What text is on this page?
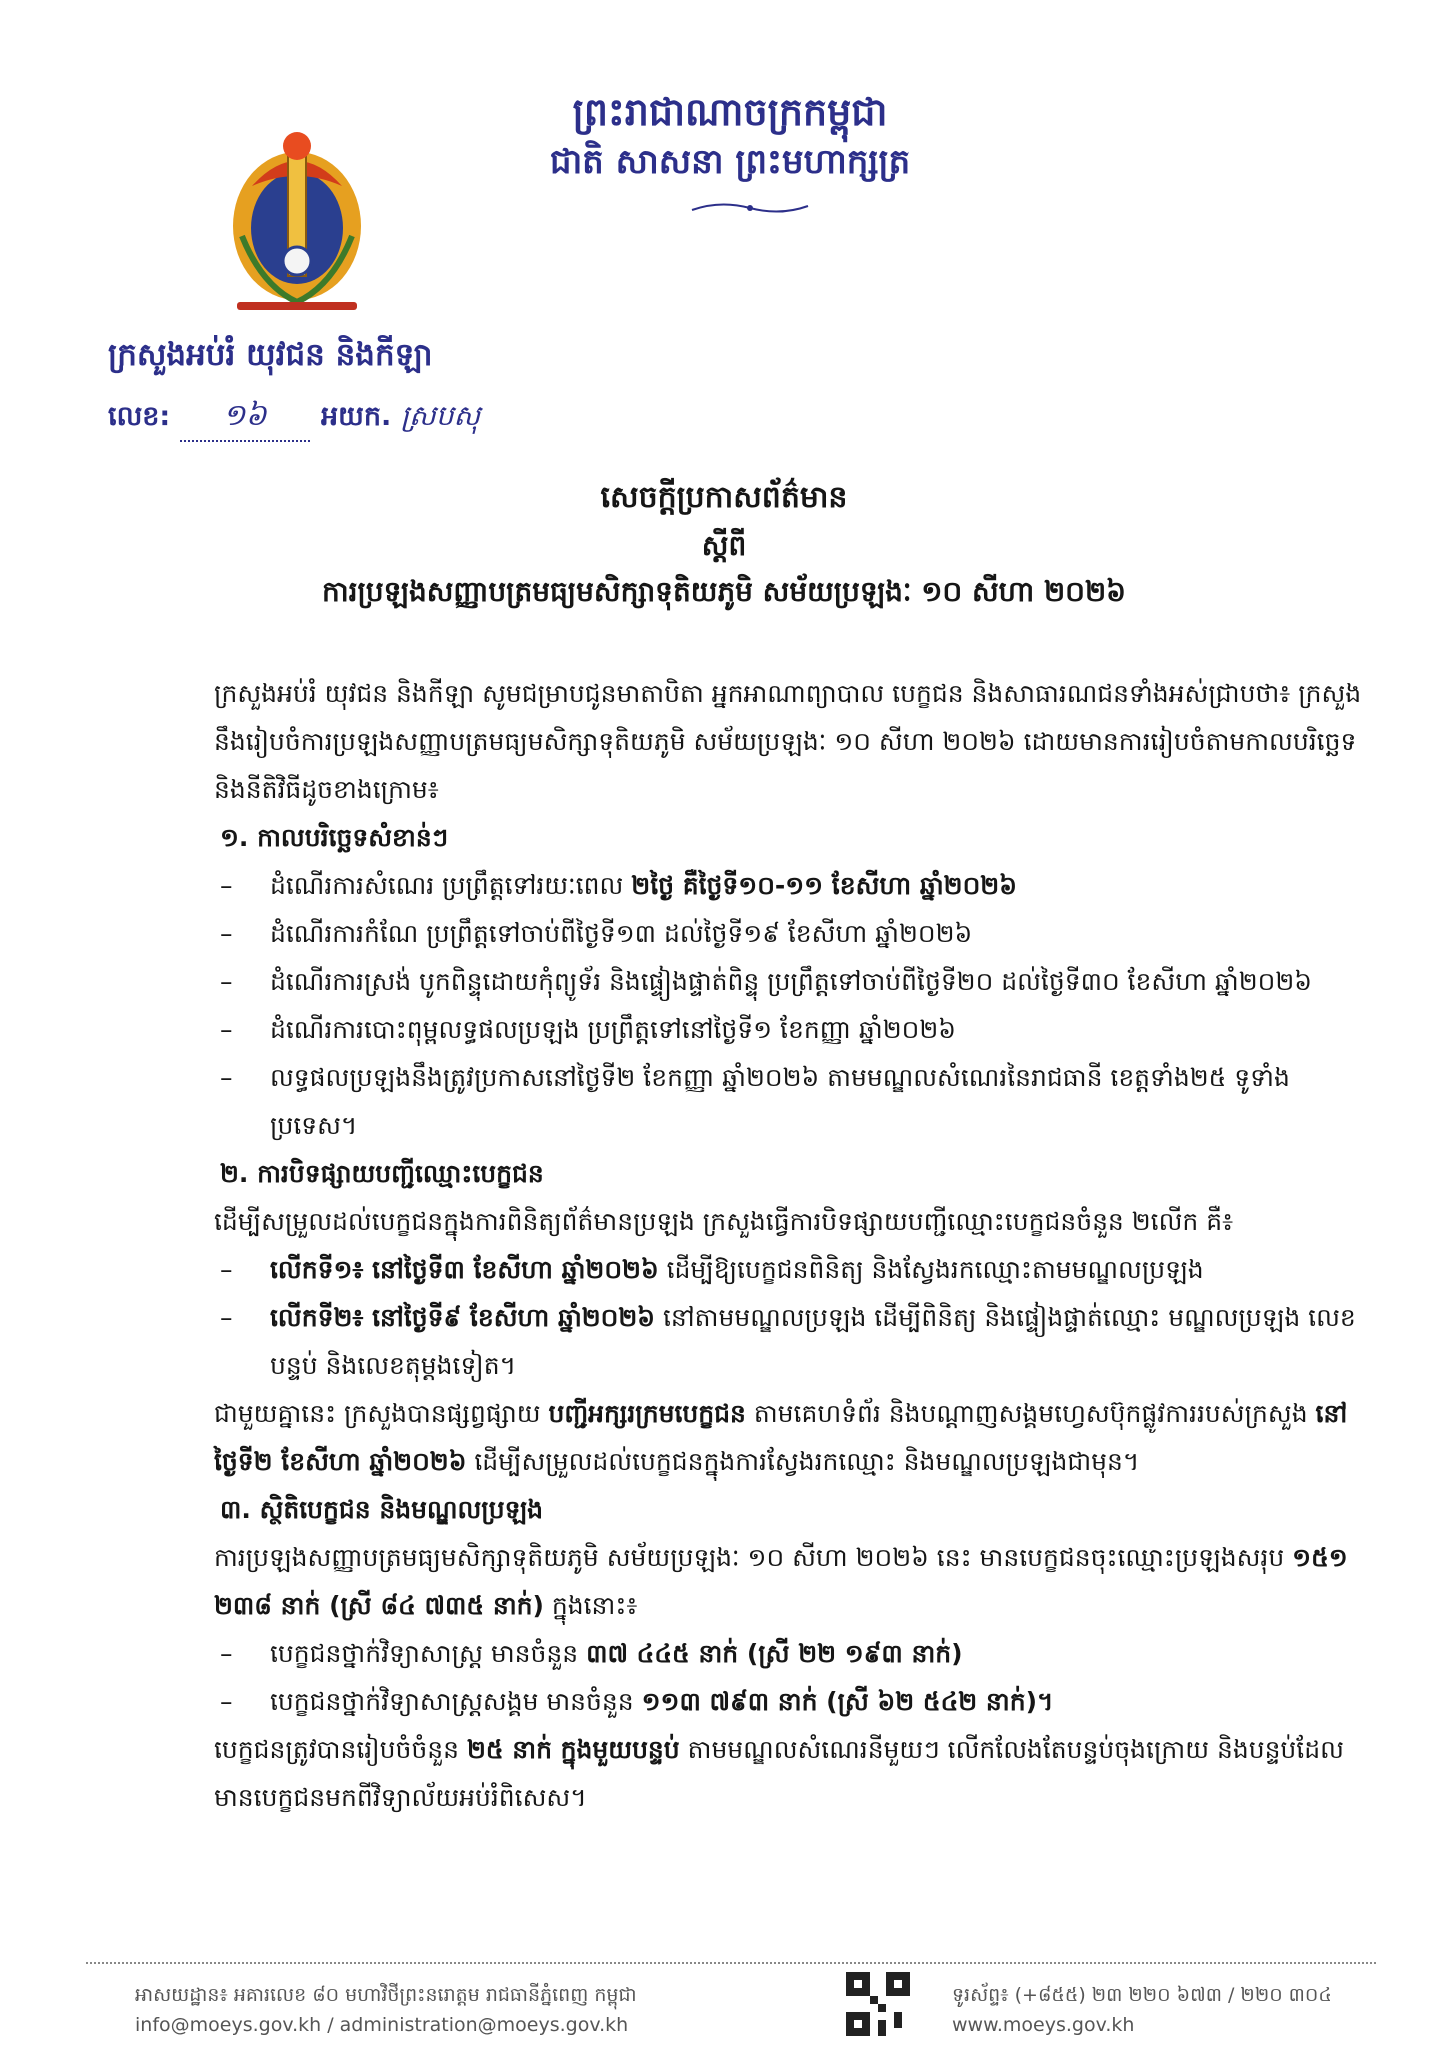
ព្រះរាជាណាចក្រកម្ពុជា
ជាតិ សាសនា ព្រះមហាក្សត្រ
ក្រសួងអប់រំ យុវជន និងកីឡា
លេខ: ១៦ អយក. ស្របសុ
សេចក្តីប្រកាសព័ត៌មាន
ស្តីពី
ការប្រឡងសញ្ញាបត្រមធ្យមសិក្សាទុតិយភូមិ សម័យប្រឡងៈ ១០ សីហា ២០២៦

ក្រសួងអប់រំ យុវជន និងកីឡា សូមជម្រាបជូនមាតាបិតា អ្នកអាណាព្យាបាល បេក្ខជន និងសាធារណជនទាំងអស់ជ្រាបថា៖ ក្រសួងនឹងរៀបចំការប្រឡងសញ្ញាបត្រមធ្យមសិក្សាទុតិយភូមិ សម័យប្រឡងៈ ១០ សីហា ២០២៦ ដោយមានការរៀបចំតាមកាលបរិច្ឆេទ និងនីតិវិធីដូចខាងក្រោម៖

១. កាលបរិច្ឆេទសំខាន់ៗ

– ដំណើរការសំណេរ ប្រព្រឹត្តទៅរយៈពេល ២ថ្ងៃ គឺថ្ងៃទី១០-១១ ខែសីហា ឆ្នាំ២០២៦

– ដំណើរការកំណែ ប្រព្រឹត្តទៅចាប់ពីថ្ងៃទី១៣ ដល់ថ្ងៃទី១៩ ខែសីហា ឆ្នាំ២០២៦

– ដំណើរការស្រង់ បូកពិន្ទុដោយកុំព្យូទ័រ និងផ្ទៀងផ្ទាត់ពិន្ទុ ប្រព្រឹត្តទៅចាប់ពីថ្ងៃទី២០ ដល់ថ្ងៃទី៣០ ខែសីហា ឆ្នាំ២០២៦

– ដំណើរការបោះពុម្ពលទ្ធផលប្រឡង ប្រព្រឹត្តទៅនៅថ្ងៃទី១ ខែកញ្ញា ឆ្នាំ២០២៦

– លទ្ធផលប្រឡងនឹងត្រូវប្រកាសនៅថ្ងៃទី២ ខែកញ្ញា ឆ្នាំ២០២៦ តាមមណ្ឌលសំណេរនៃរាជធានី ខេត្តទាំង២៥ ទូទាំងប្រទេស។

២. ការបិទផ្សាយបញ្ជីឈ្មោះបេក្ខជន

ដើម្បីសម្រួលដល់បេក្ខជនក្នុងការពិនិត្យព័ត៌មានប្រឡង ក្រសួងធ្វើការបិទផ្សាយបញ្ជីឈ្មោះបេក្ខជនចំនួន ២លើក គឺ៖

– លើកទី១៖ នៅថ្ងៃទី៣ ខែសីហា ឆ្នាំ២០២៦ ដើម្បីឱ្យបេក្ខជនពិនិត្យ និងស្វែងរកឈ្មោះតាមមណ្ឌលប្រឡង

– លើកទី២៖ នៅថ្ងៃទី៩ ខែសីហា ឆ្នាំ២០២៦ នៅតាមមណ្ឌលប្រឡង ដើម្បីពិនិត្យ និងផ្ទៀងផ្ទាត់ឈ្មោះ មណ្ឌលប្រឡង លេខបន្ទប់ និងលេខតុម្តងទៀត។

ជាមួយគ្នានេះ ក្រសួងបានផ្សព្វផ្សាយ បញ្ជីអក្សរក្រមបេក្ខជន តាមគេហទំព័រ និងបណ្តាញសង្គមហ្វេសប៊ុកផ្លូវការរបស់ក្រសួង នៅថ្ងៃទី២ ខែសីហា ឆ្នាំ២០២៦ ដើម្បីសម្រួលដល់បេក្ខជនក្នុងការស្វែងរកឈ្មោះ និងមណ្ឌលប្រឡងជាមុន។

៣. ស្ថិតិបេក្ខជន និងមណ្ឌលប្រឡង

ការប្រឡងសញ្ញាបត្រមធ្យមសិក្សាទុតិយភូមិ សម័យប្រឡងៈ ១០ សីហា ២០២៦ នេះ មានបេក្ខជនចុះឈ្មោះប្រឡងសរុប ១៥១ ២៣៨ នាក់ (ស្រី ៨៤ ៧៣៥ នាក់) ក្នុងនោះ៖

– បេក្ខជនថ្នាក់វិទ្យាសាស្ត្រ មានចំនួន ៣៧ ៤៤៥ នាក់ (ស្រី ២២ ១៩៣ នាក់)

– បេក្ខជនថ្នាក់វិទ្យាសាស្ត្រសង្គម មានចំនួន ១១៣ ៧៩៣ នាក់ (ស្រី ៦២ ៥៤២ នាក់)។

បេក្ខជនត្រូវបានរៀបចំចំនួន ២៥ នាក់ ក្នុងមួយបន្ទប់ តាមមណ្ឌលសំណេរនីមួយៗ លើកលែងតែបន្ទប់ចុងក្រោយ និងបន្ទប់ដែលមានបេក្ខជនមកពីវិទ្យាល័យអប់រំពិសេស។

អាសយដ្ឋាន៖ អគារលេខ ៨០ មហាវិថីព្រះនរោត្តម រាជធានីភ្នំពេញ កម្ពុជា
info@moeys.gov.kh / administration@moeys.gov.kh
ទូរស័ព្ទ៖ (+៨៥៥) ២៣ ២២០ ៦៧៣ / ២២០ ៣០៤
www.moeys.gov.kh
